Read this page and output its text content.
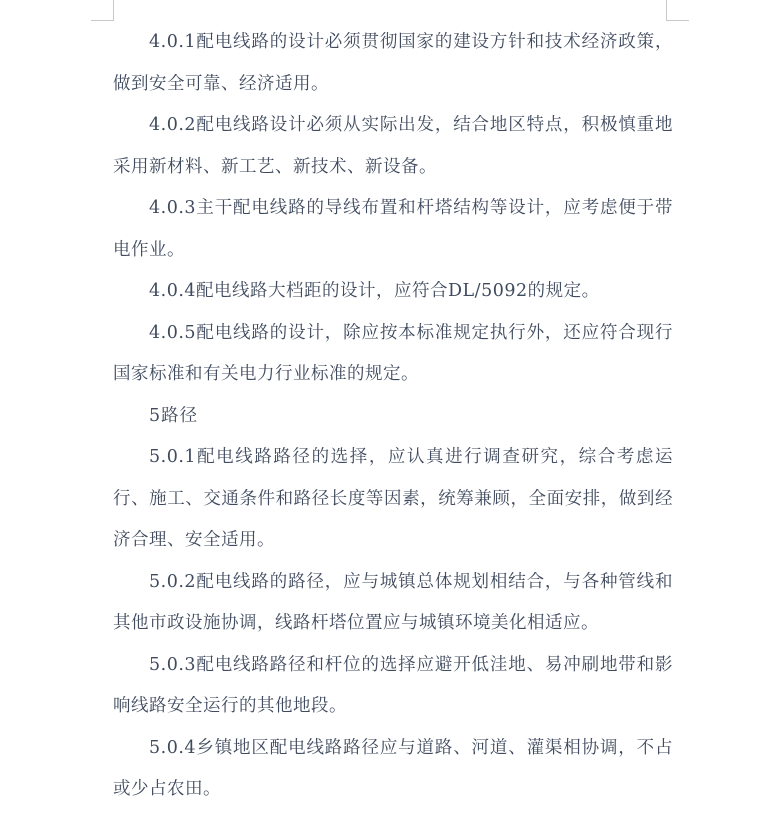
4.0.1配电线路的设计必须贯彻国家的建设方针和技术经济政策，做到安全可靠、经济适用。

4.0.2配电线路设计必须从实际出发，结合地区特点，积极慎重地采用新材料、新工艺、新技术、新设备。

4.0.3主干配电线路的导线布置和杆塔结构等设计，应考虑便于带电作业。

4.0.4配电线路大档距的设计，应符合DL/5092的规定。

4.0.5配电线路的设计，除应按本标准规定执行外，还应符合现行国家标准和有关电力行业标准的规定。

5路径

5.0.1配电线路路径的选择，应认真进行调查研究，综合考虑运行、施工、交通条件和路径长度等因素，统筹兼顾，全面安排，做到经济合理、安全适用。

5.0.2配电线路的路径，应与城镇总体规划相结合，与各种管线和其他市政设施协调，线路杆塔位置应与城镇环境美化相适应。

5.0.3配电线路路径和杆位的选择应避开低洼地、易冲刷地带和影响线路安全运行的其他地段。

5.0.4乡镇地区配电线路路径应与道路、河道、灌渠相协调，不占或少占农田。
